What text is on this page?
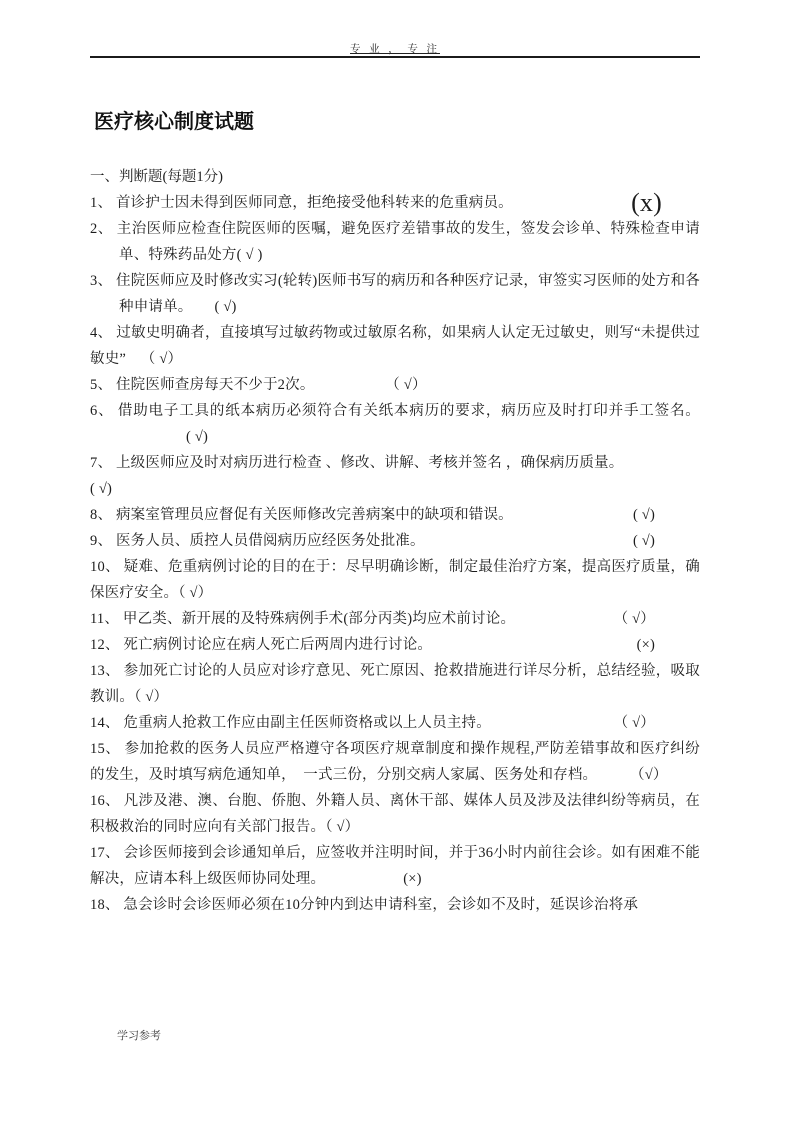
专 业 ， 专 注
医疗核心制度试题

一、判断题(每题1分)

(x)
1、 首诊护士因未得到医师同意，拒绝接受他科转来的危重病员。

2、 主治医师应检查住院医师的医嘱，避免医疗差错事故的发生，签发会诊单、特殊检查申请单、特殊药品处方( √ )

3、 住院医师应及时修改实习(轮转)医师书写的病历和各种医疗记录，审签实习医师的处方和各种申请单。 ( √)

4、 过敏史明确者，直接填写过敏药物或过敏原名称，如果病人认定无过敏史，则写“未提供过敏史” （ √）

5、 住院医师查房每天不少于2次。	（ √）

6、 借助电子工具的纸本病历必须符合有关纸本病历的要求，病历应及时打印并手工签名。( √)

7、 上级医师应及时对病历进行检查 、修改、讲解、考核并签名 ，确保病历质量。
( √)

( √)
8、 病案室管理员应督促有关医师修改完善病案中的缺项和错误。

( √)
9、 医务人员、质控人员借阅病历应经医务处批准。

10、 疑难、危重病例讨论的目的在于：尽早明确诊断，制定最佳治疗方案，提高医疗质量，确保医疗安全。（ √）

（ √）
11、 甲乙类、新开展的及特殊病例手术(部分丙类)均应术前讨论。

(×)
12、 死亡病例讨论应在病人死亡后两周内进行讨论。

13、 参加死亡讨论的人员应对诊疗意见、死亡原因、抢救措施进行详尽分析，总结经验，吸取教训。（ √）

（ √）
14、 危重病人抢救工作应由副主任医师资格或以上人员主持。

15、 参加抢救的医务人员应严格遵守各项医疗规章制度和操作规程,严防差错事故和医疗纠纷的发生，及时填写病危通知单，　一式三份，分别交病人家属、医务处和存档。	（√）

16、 凡涉及港、澳、台胞、侨胞、外籍人员、离休干部、媒体人员及涉及法律纠纷等病员，在积极救治的同时应向有关部门报告。（ √）

17、 会诊医师接到会诊通知单后，应签收并注明时间，并于36小时内前往会诊。如有困难不能解决，应请本科上级医师协同处理。	(×)

18、 急会诊时会诊医师必须在10分钟内到达申请科室，会诊如不及时，延误诊治将承

学习参考
